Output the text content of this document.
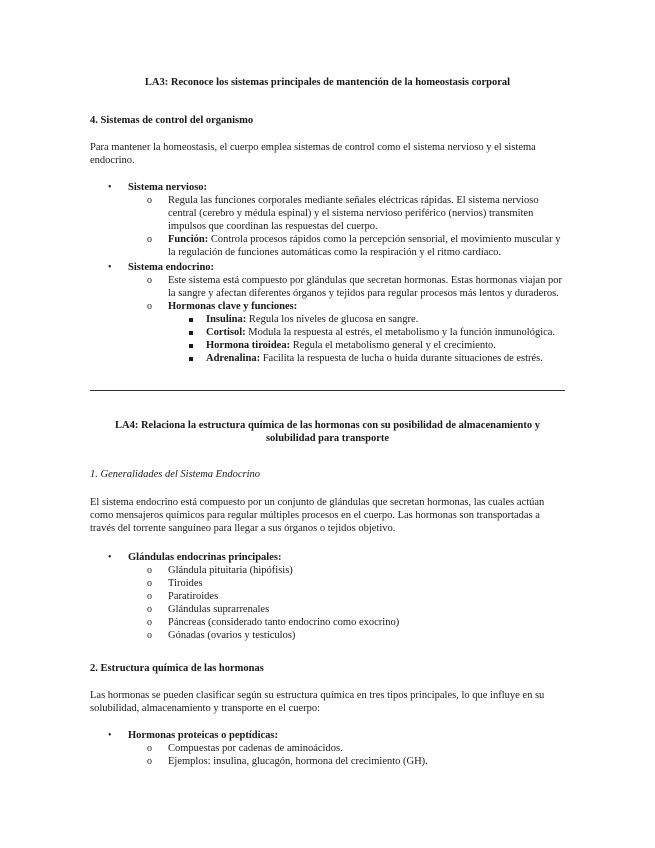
LA3: Reconoce los sistemas principales de mantención de la homeostasis corporal

4. Sistemas de control del organismo

Para mantener la homeostasis, el cuerpo emplea sistemas de control como el sistema nervioso y el sistema endocrino.

• Sistema nervioso:
o Regula las funciones corporales mediante señales eléctricas rápidas. El sistema nervioso central (cerebro y médula espinal) y el sistema nervioso periférico (nervios) transmiten impulsos que coordinan las respuestas del cuerpo.
o Función: Controla procesos rápidos como la percepción sensorial, el movimiento muscular y la regulación de funciones automáticas como la respiración y el ritmo cardíaco.
• Sistema endocrino:
o Este sistema está compuesto por glándulas que secretan hormonas. Estas hormonas viajan por la sangre y afectan diferentes órganos y tejidos para regular procesos más lentos y duraderos.
o Hormonas clave y funciones:
Insulina: Regula los niveles de glucosa en sangre.
Cortisol: Modula la respuesta al estrés, el metabolismo y la función inmunológica.
Hormona tiroidea: Regula el metabolismo general y el crecimiento.
Adrenalina: Facilita la respuesta de lucha o huida durante situaciones de estrés.

LA4: Relaciona la estructura química de las hormonas con su posibilidad de almacenamiento y solubilidad para transporte

1. Generalidades del Sistema Endocrino

El sistema endocrino está compuesto por un conjunto de glándulas que secretan hormonas, las cuales actúan como mensajeros químicos para regular múltiples procesos en el cuerpo. Las hormonas son transportadas a través del torrente sanguíneo para llegar a sus órganos o tejidos objetivo.

• Glándulas endocrinas principales:
o Glándula pituitaria (hipófisis)
o Tiroides
o Paratiroides
o Glándulas suprarrenales
o Páncreas (considerado tanto endocrino como exocrino)
o Gónadas (ovarios y testículos)

2. Estructura química de las hormonas

Las hormonas se pueden clasificar según su estructura química en tres tipos principales, lo que influye en su solubilidad, almacenamiento y transporte en el cuerpo:

• Hormonas proteicas o peptídicas:
o Compuestas por cadenas de aminoácidos.
o Ejemplos: insulina, glucagón, hormona del crecimiento (GH).
